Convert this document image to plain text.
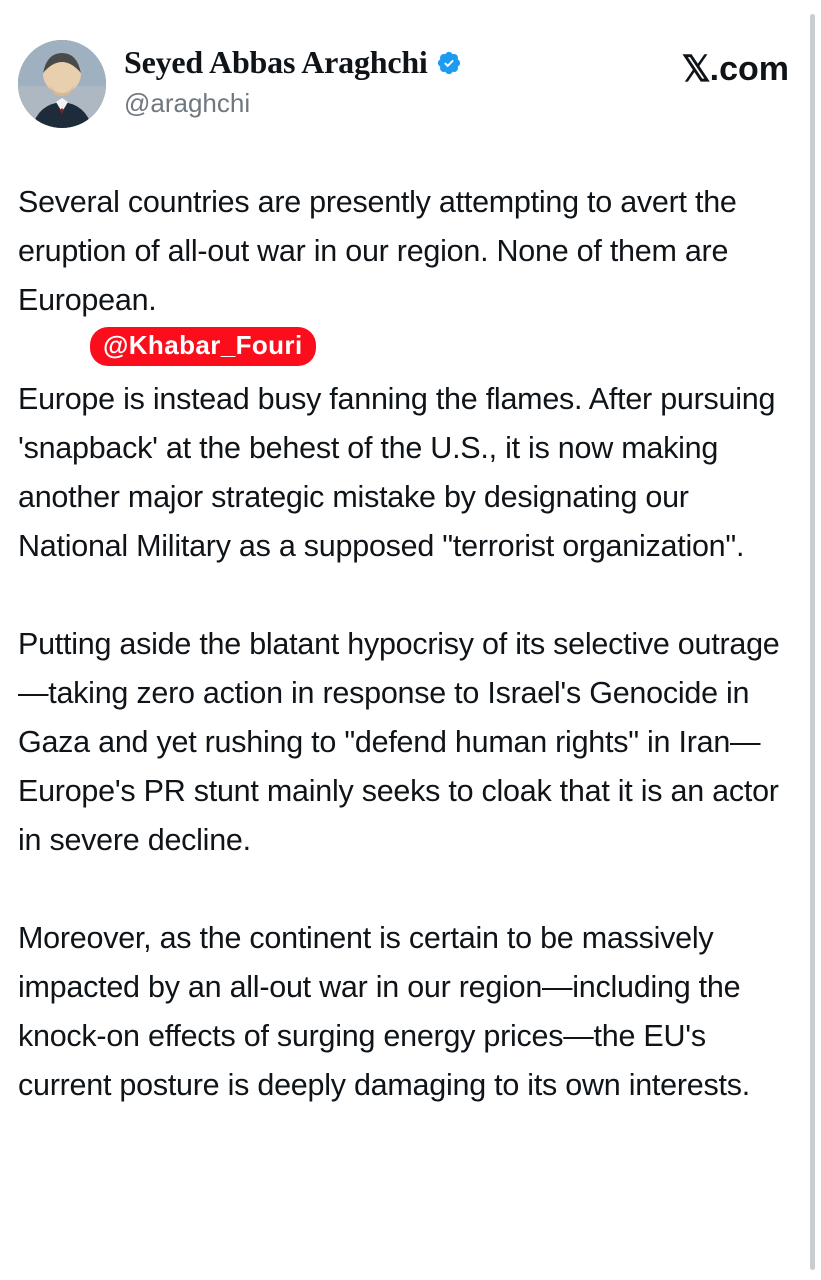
Seyed Abbas Araghchi
@araghchi
𝕏 .com

Several countries are presently attempting to avert the eruption of all-out war in our region. None of them are European.

@Khabar_Fouri

Europe is instead busy fanning the flames. After pursuing 'snapback' at the behest of the U.S., it is now making another major strategic mistake by designating our National Military as a supposed "terrorist organization".

Putting aside the blatant hypocrisy of its selective outrage—taking zero action in response to Israel's Genocide in Gaza and yet rushing to "defend human rights" in Iran—Europe's PR stunt mainly seeks to cloak that it is an actor in severe decline.

Moreover, as the continent is certain to be massively impacted by an all-out war in our region—including the knock-on effects of surging energy prices—the EU's current posture is deeply damaging to its own interests.
